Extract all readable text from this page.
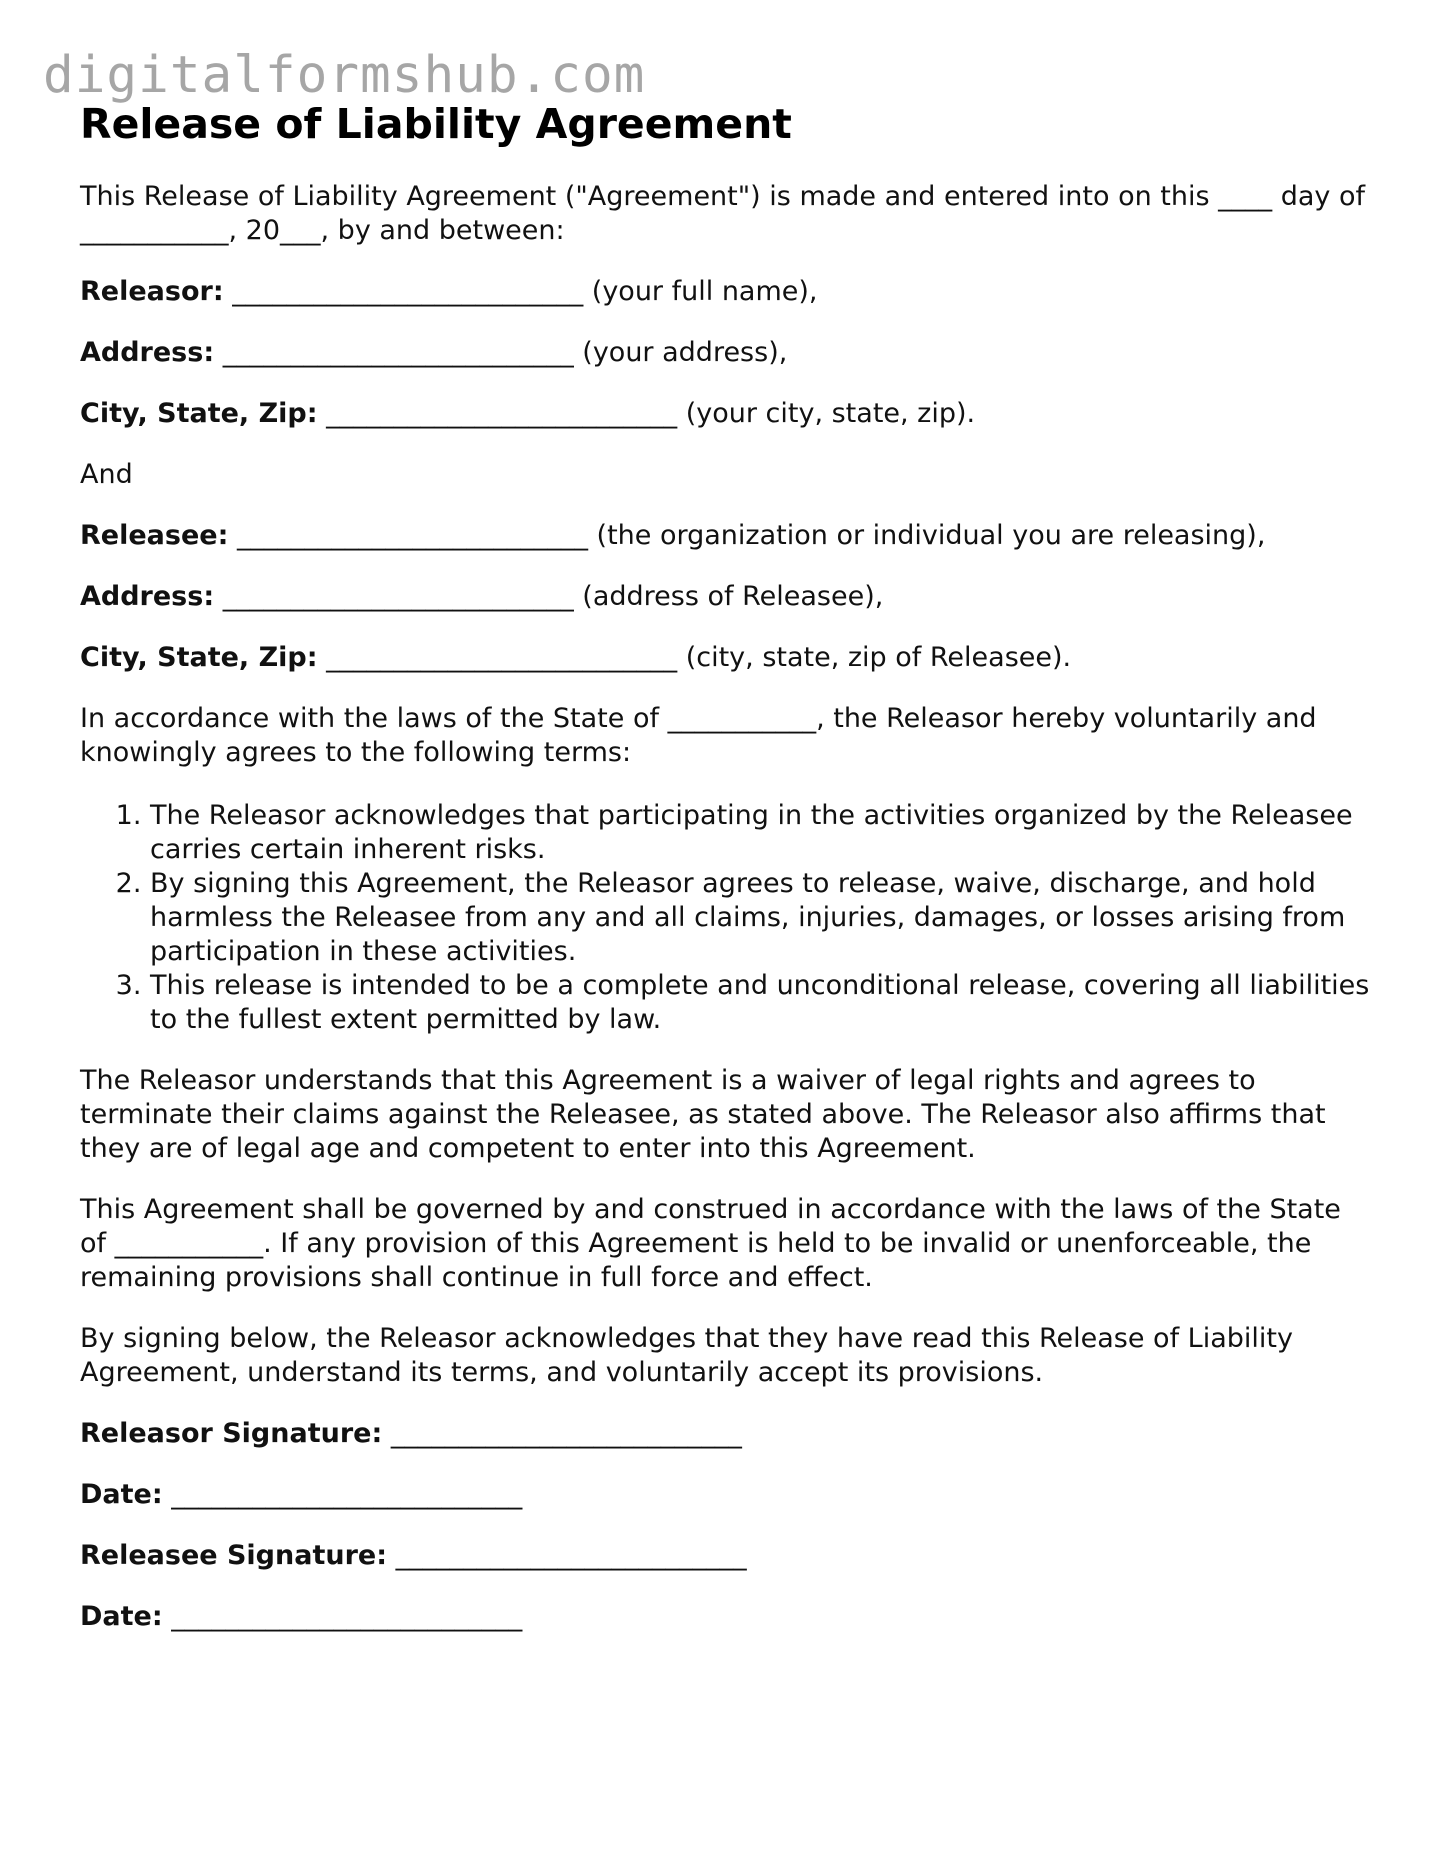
digitalformshub.com
Release of Liability Agreement

This Release of Liability Agreement ("Agreement") is made and entered into on this ____ day of ___________, 20___, by and between:

Releasor: __________________________ (your full name),

Address: __________________________ (your address),

City, State, Zip: __________________________ (your city, state, zip).

And

Releasee: __________________________ (the organization or individual you are releasing),

Address: __________________________ (address of Releasee),

City, State, Zip: __________________________ (city, state, zip of Releasee).

In accordance with the laws of the State of ___________, the Releasor hereby voluntarily and knowingly agrees to the following terms:

1. The Releasor acknowledges that participating in the activities organized by the Releasee carries certain inherent risks.
2. By signing this Agreement, the Releasor agrees to release, waive, discharge, and hold harmless the Releasee from any and all claims, injuries, damages, or losses arising from participation in these activities.
3. This release is intended to be a complete and unconditional release, covering all liabilities to the fullest extent permitted by law.

The Releasor understands that this Agreement is a waiver of legal rights and agrees to terminate their claims against the Releasee, as stated above. The Releasor also affirms that they are of legal age and competent to enter into this Agreement.

This Agreement shall be governed by and construed in accordance with the laws of the State of ___________. If any provision of this Agreement is held to be invalid or unenforceable, the remaining provisions shall continue in full force and effect.

By signing below, the Releasor acknowledges that they have read this Release of Liability Agreement, understand its terms, and voluntarily accept its provisions.

Releasor Signature: __________________________

Date: __________________________

Releasee Signature: __________________________

Date: __________________________
